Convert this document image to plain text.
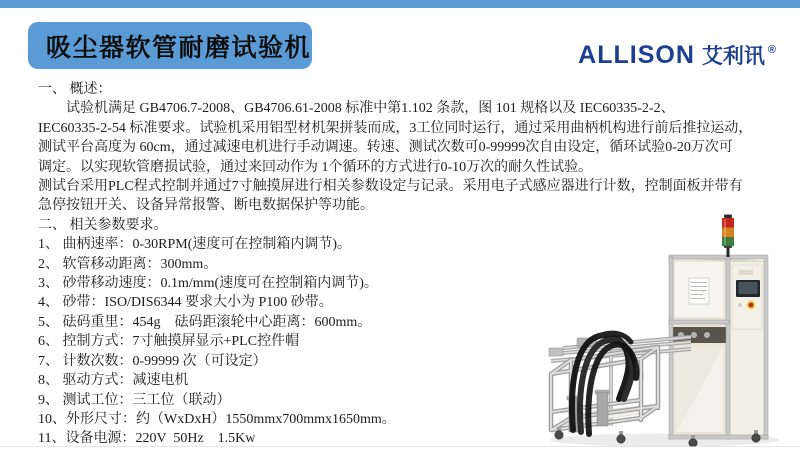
吸尘器软管耐磨试验机	ALLISON 艾利讯 ®
一、 概述：
　　试验机满足 GB4706.7-2008、GB4706.61-2008 标准中第1.102 条款，图 101 规格以及 IEC60335-2-2、
IEC60335-2-54 标准要求。试验机采用铝型材机架拼装而成，3工位同时运行，通过采用曲柄机构进行前后推拉运动，
测试平台高度为 60cm，通过减速电机进行手动调速。转速、测试次数可0-99999次自由设定，循环试验0-20万次可
调定。以实现软管磨损试验，通过来回动作为 1个循环的方式进行0-10万次的耐久性试验。
测试台采用PLC程式控制并通过7寸触摸屏进行相关参数设定与记录。采用电子式感应器进行计数，控制面板并带有
急停按钮开关、设备异常报警、断电数据保护等功能。
二、 相关参数要求。
1、 曲柄速率：0-30RPM(速度可在控制箱内调节)。
2、 软管移动距离：300mm。
3、 砂带移动速度：0.1m/mm(速度可在控制箱内调节)。
4、 砂带：ISO/DIS6344 要求大小为 P100 砂带。
5、 砝码重里：454g    砝码距滚轮中心距离：600mm。
6、 控制方式：7寸触摸屏显示+PLC控件帽
7、 计数次数：0-99999 次（可设定）
8、 驱动方式：减速电机
9、 测试工位：三工位（联动）
10、外形尺寸：约（WxDxH）1550mmx700mmx1650mm。
11、设备电源：220V  50Hz    1.5Kw
